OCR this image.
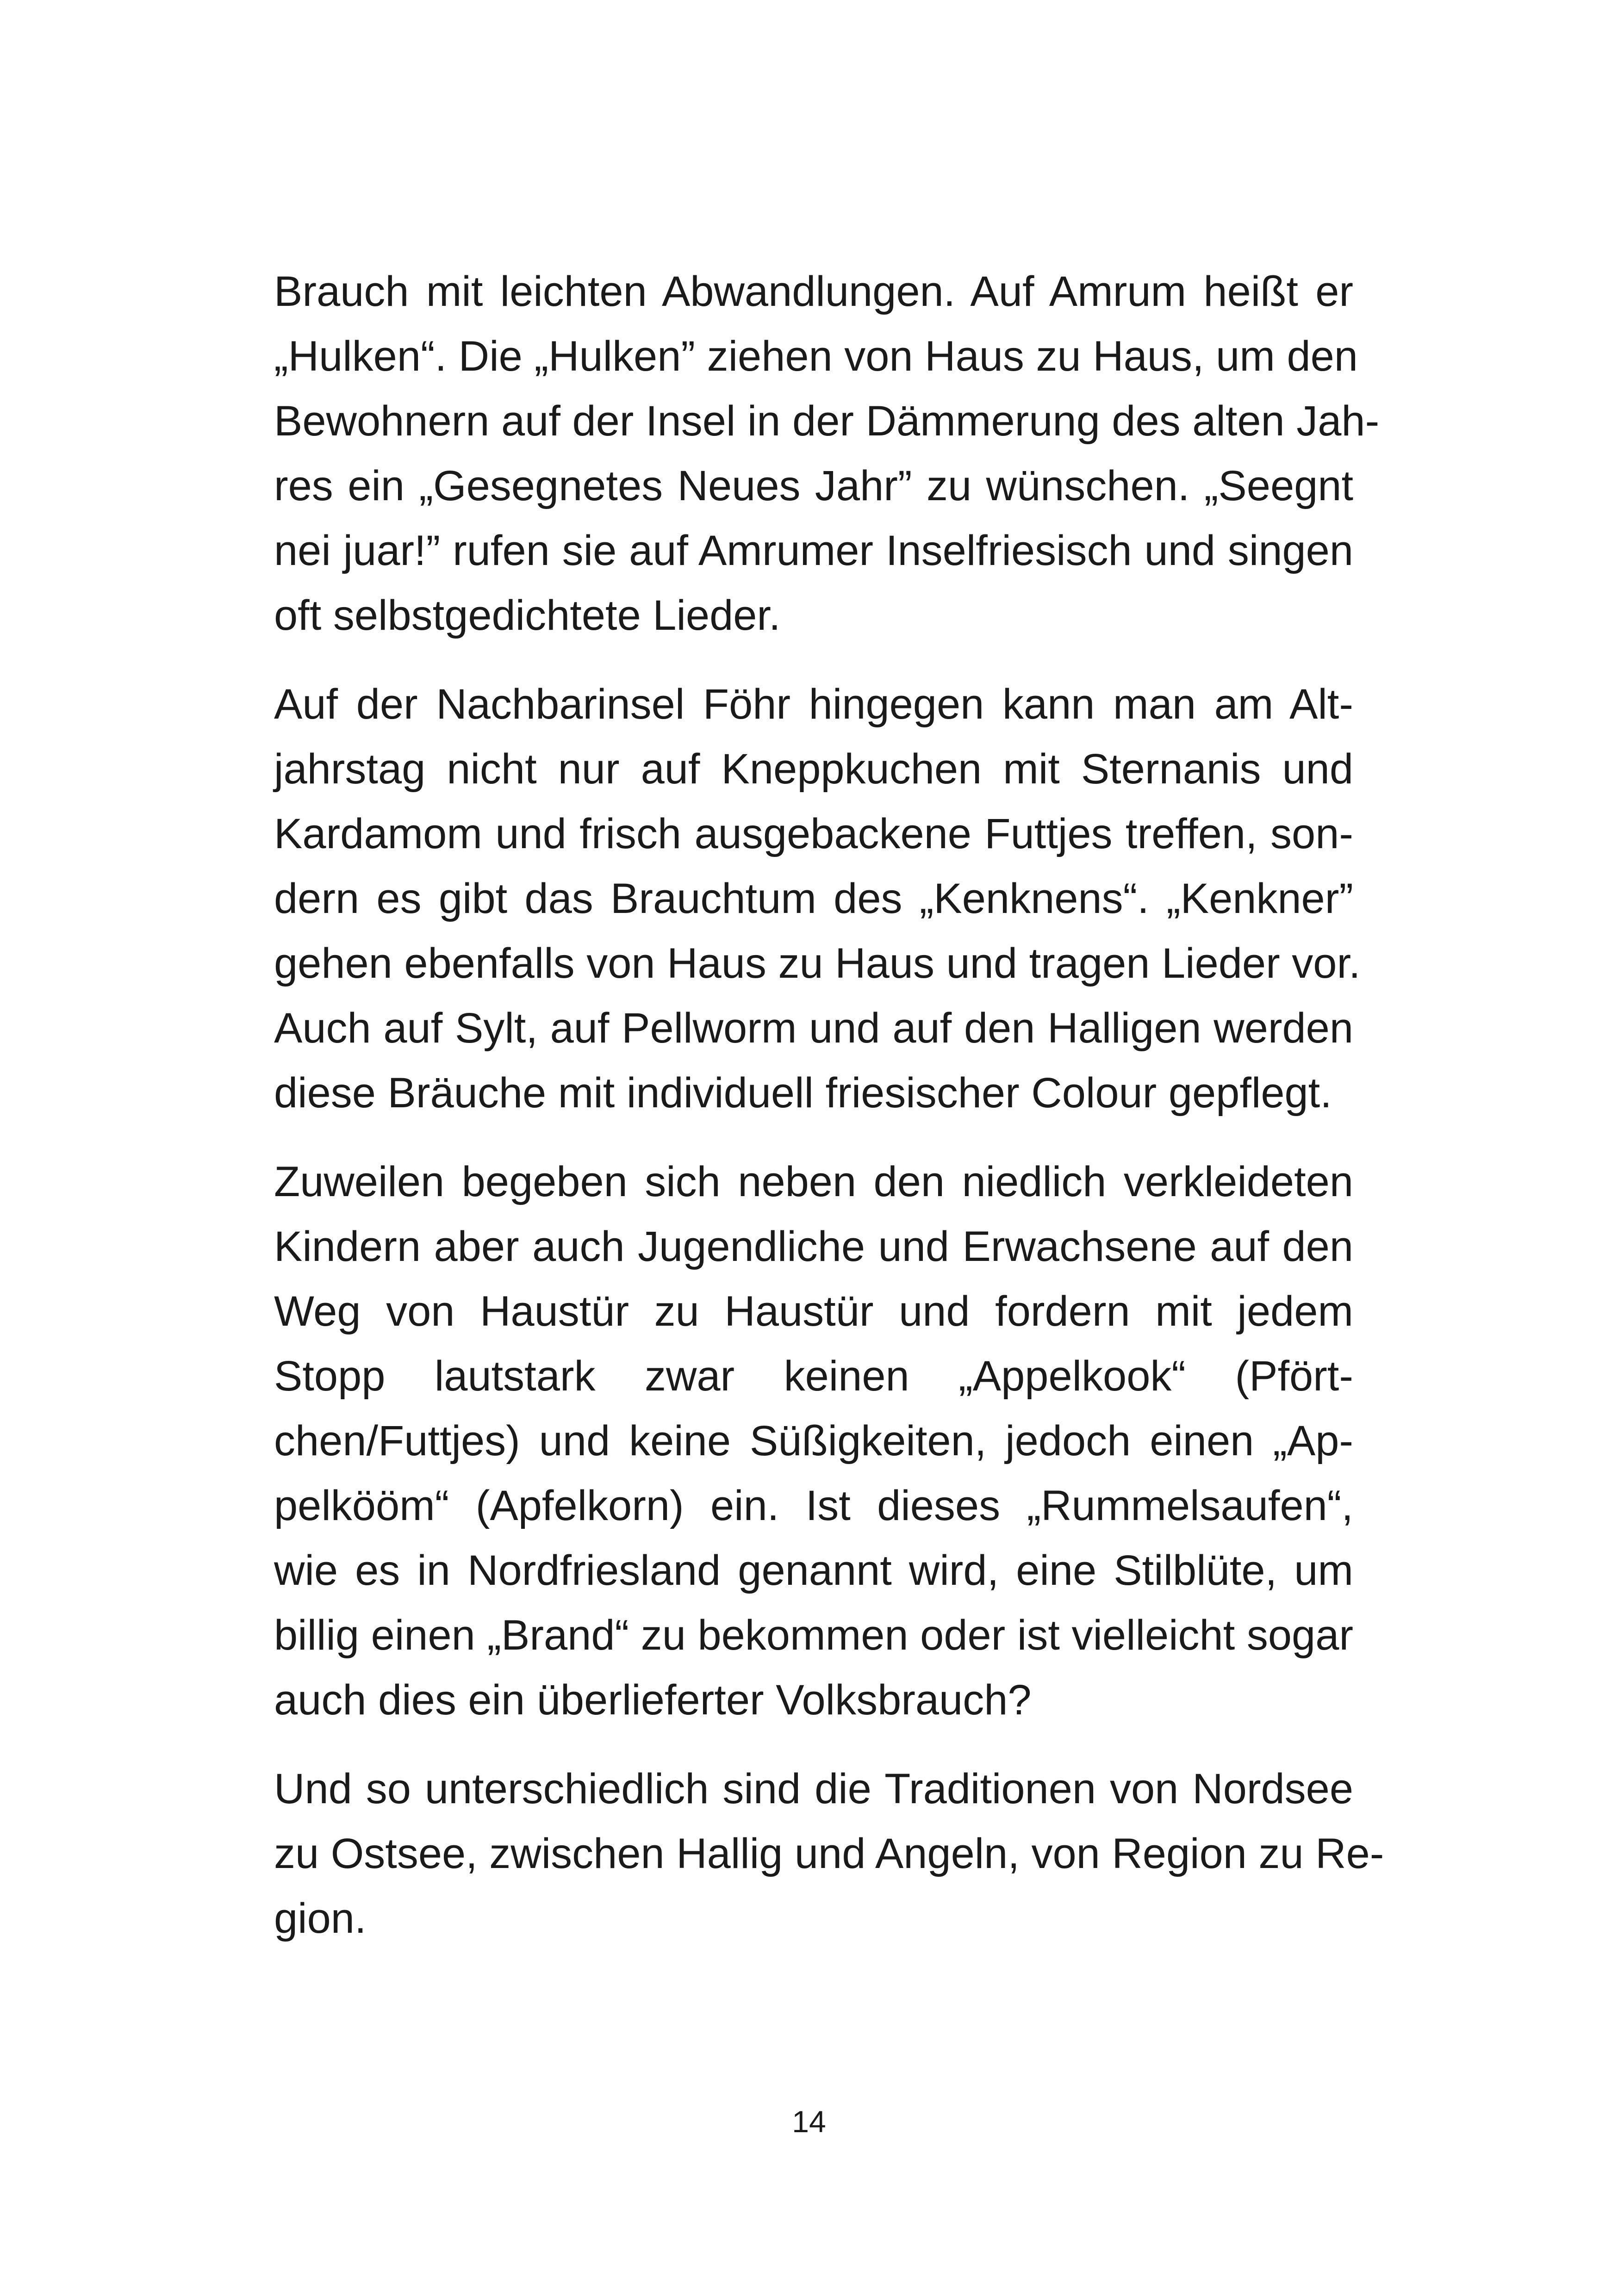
Brauch mit leichten Abwandlungen. Auf Amrum heißt er
„Hulken“. Die „Hulken” ziehen von Haus zu Haus, um den
Bewohnern auf der Insel in der Dämmerung des alten Jah-
res ein „Gesegnetes Neues Jahr” zu wünschen. „Seegnt
nei juar!” rufen sie auf Amrumer Inselfriesisch und singen
oft selbstgedichtete Lieder.

Auf der Nachbarinsel Föhr hingegen kann man am Alt-
jahrstag nicht nur auf Kneppkuchen mit Sternanis und
Kardamom und frisch ausgebackene Futtjes treffen, son-
dern es gibt das Brauchtum des „Kenknens“. „Kenkner”
gehen ebenfalls von Haus zu Haus und tragen Lieder vor.
Auch auf Sylt, auf Pellworm und auf den Halligen werden
diese Bräuche mit individuell friesischer Colour gepflegt.

Zuweilen begeben sich neben den niedlich verkleideten
Kindern aber auch Jugendliche und Erwachsene auf den
Weg von Haustür zu Haustür und fordern mit jedem
Stopp lautstark zwar keinen „Appelkook“ (Pfört-
chen/Futtjes) und keine Süßigkeiten, jedoch einen „Ap-
pelkööm“ (Apfelkorn) ein. Ist dieses „Rummelsaufen“,
wie es in Nordfriesland genannt wird, eine Stilblüte, um
billig einen „Brand“ zu bekommen oder ist vielleicht sogar
auch dies ein überlieferter Volksbrauch?

Und so unterschiedlich sind die Traditionen von Nordsee
zu Ostsee, zwischen Hallig und Angeln, von Region zu Re-
gion.

14
